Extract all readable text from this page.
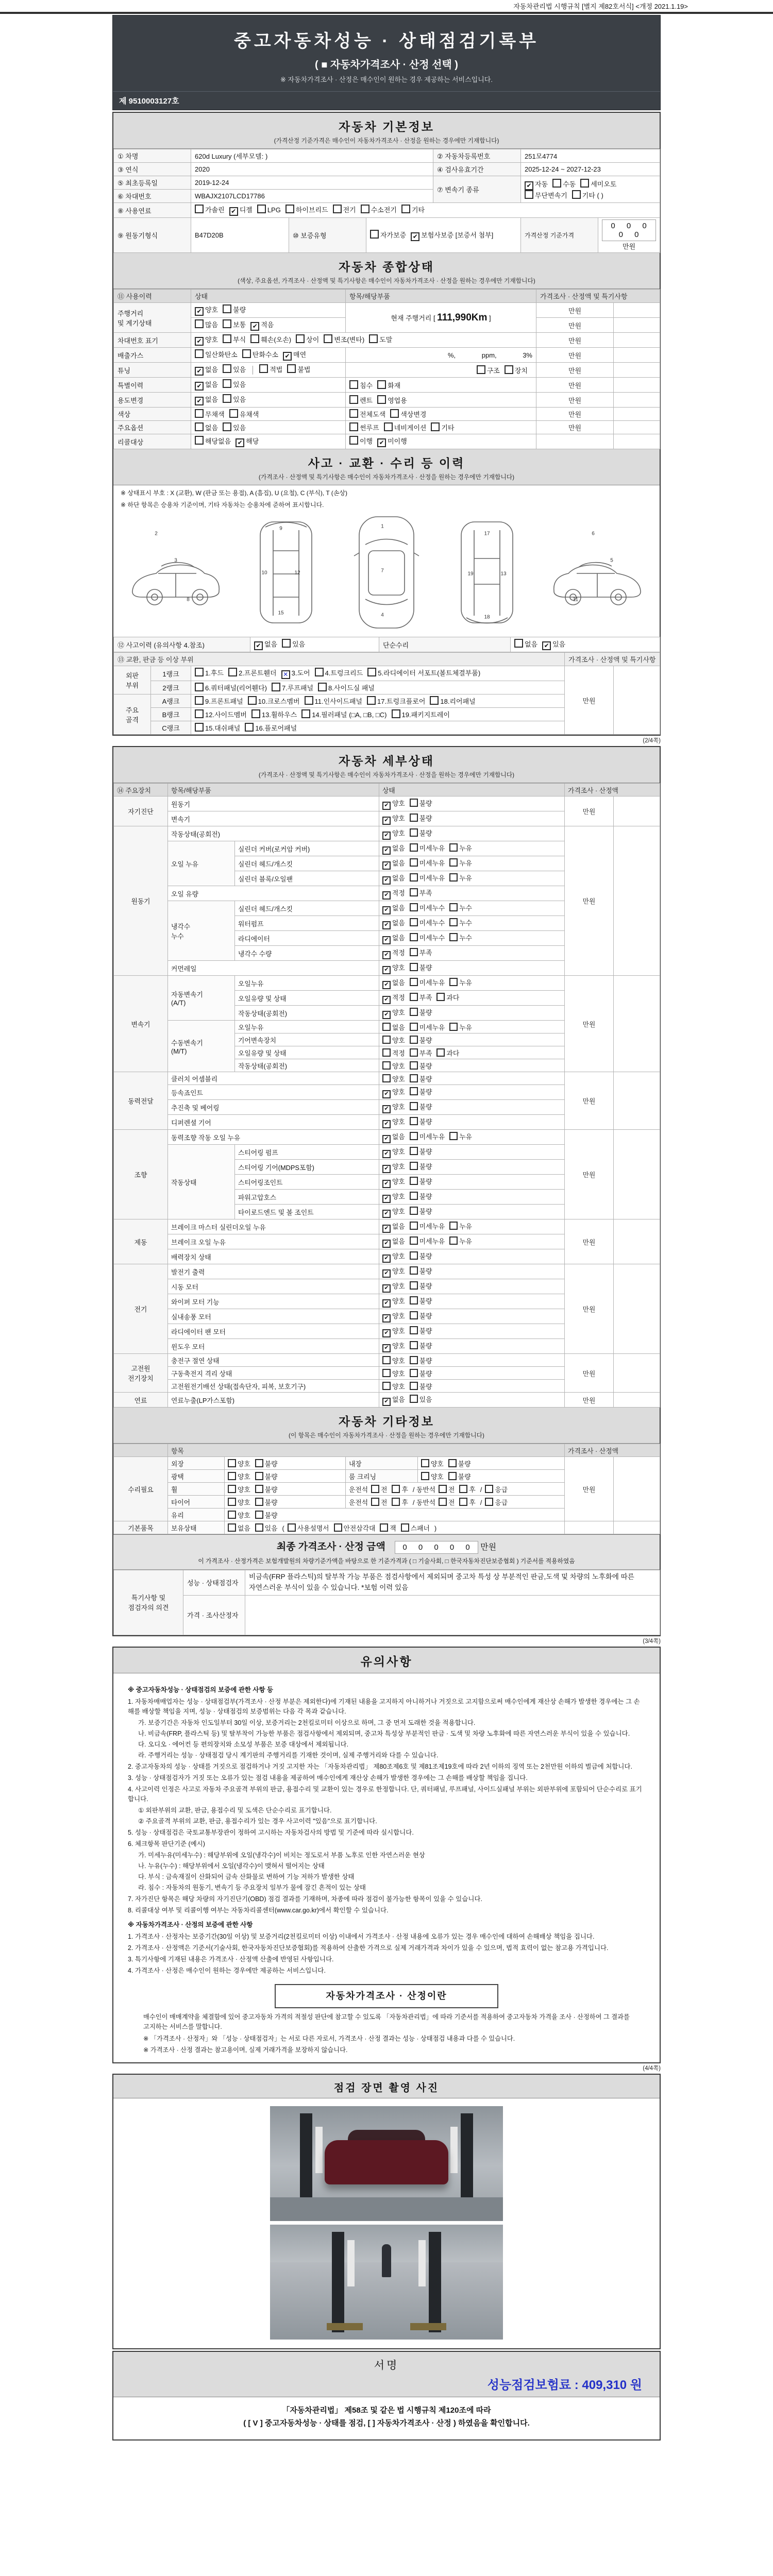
자동차관리법 시행규칙 [별지 제82호서식] <개정 2021.1.19>
중고자동차성능 · 상태점검기록부
( ■ 자동차가격조사 · 산정 선택 )
※ 자동차가격조사 · 산정은 매수인이 원하는 경우 제공하는 서비스입니다.
제 9510003127호
자동차 기본정보
(가격산정 기준가격은 매수인이 자동차가격조사 · 산정을 원하는 경우에만 기재합니다)
① 차명	620d Luxury (세부모델: )			② 자동차등록번호	251모4774	
③ 연식	2020			④ 검사유효기간	2025-12-24 ~ 2027-12-23	
⑤ 최초등록일	2019-12-24			⑦ 변속기 종류	✔자동 수동 세미오토무단변속기 기타 ( )
⑥ 차대번호	WBAJX2107LCD17786					
⑧ 사용연료	가솔린 ✔ 디젤 LPG 하이브리드 전기 수소전기 기타
⑨ 원동기형식	B47D20B	⑩ 보증유형	자가보증 ✔ 보험사보증 [보증서 첨부]		가격산정 기준가격	0 0 0 0 0 만원
자동차 종합상태
(색상, 주요옵션, 가격조사 · 산정액 및 특기사항은 매수인이 자동차가격조사 · 산정을 원하는 경우에만 기재합니다)
⑪ 사용이력	상태	항목/해당부품	가격조사 · 산정액 및 특기사항	
주행거리
및 계기상태	✔양호 불량	현재 주행거리 [ 111,990Km ]	만원	
	많음 보통 ✔ 적음		만원	
차대번호 표기	✔양호 부식 훼손(오손) 상이 변조(변타) 도말		만원	
배출가스	일산화탄소 탄화수소 ✔ 매연	%,              ppm,              3%	만원	
튜닝	✔없음 있음 적법 불법	구조 장치	만원	
특별이력	✔없음 있음	침수 화재	만원	
용도변경	✔없음 있음	렌트 영업용	만원	
색상	무채색 유채색	전체도색 색상변경	만원	
주요옵션	없음 있음	썬루프 네비게이션 기타	만원	
리콜대상	해당없음 ✔ 해당	이행 ✔ 미이행		
사고 · 교환 · 수리 등 이력
(가격조사 · 산정액 및 특기사항은 매수인이 자동차가격조사 · 산정을 원하는 경우에만 기재합니다)
※ 상태표시 부호 : X (교환), W (판금 또는 용접), A (흠집), U (요철), C (부식), T (손상)
※ 하단 항목은 승용차 기준이며, 기타 자동차는 승용차에 준하여 표시합니다.
1
7
4
2
3
8
9
10	12
15
17
18
19	13
6
5
11
⑫ 사고이력 (유의사항 4.참조)	✔없음 있음	단순수리	없음 ✔ 있음
⑬ 교환, 판금 등 이상 부위			가격조사 · 산정액 및 특기사항	
외판
부위	1랭크	1.후드 2.프론트휀더 ✕ 3.도어 4.트렁크리드 5.라디에이터 서포트(볼트체결부품)	만원	
	2랭크	6.쿼터패널(리어휀다) 7.루프패널 8.사이드실 패널		
주요
골격	A랭크	9.프론트패널 10.크로스멤버 11.인사이드패널 17.트렁크플로어 18.리어패널		
	B랭크	12.사이드멤버 13.휠하우스 14.필러패널 (□A, □B, □C) 19.패키지트레이		
	C랭크	15.대쉬패널 16.플로어패널		
(2/4쪽)
자동차 세부상태
(가격조사 · 산정액 및 특기사항은 매수인이 자동차가격조사 · 산정을 원하는 경우에만 기재합니다)
⑭ 주요장치	항목/해당부품		상태	가격조사 · 산정액	
자기진단	원동기	✔양호 불량	만원	
	변속기	✔양호 불량
원동기	작동상태(공회전)	✔양호 불량	만원	
	오일 누유	실린더 커버(로커암 커버)	✔없음 미세누유 누유
		실린더 헤드/개스킷	✔없음 미세누유 누유
		실린더 블록/오일팬	✔없음 미세누유 누유
	오일 유량	✔적정 부족
	냉각수
누수	실린더 헤드/개스킷	✔없음 미세누수 누수
		워터펌프	✔없음 미세누수 누수
		라디에이터	✔없음 미세누수 누수
		냉각수 수량	✔적정 부족
	커먼레일	✔양호 불량
변속기	자동변속기
(A/T)	오일누유	✔없음 미세누유 누유	만원	
		오일유량 및 상태	✔적정 부족 과다
		작동상태(공회전)	✔양호 불량
	수동변속기
(M/T)	오일누유	없음 미세누유 누유		
		기어변속장치	양호 불량		
		오일유량 및 상태	적정 부족 과다		
		작동상태(공회전)	양호 불량		
동력전달	클러치 어셈블리		양호 불량	만원	
	등속죠인트	✔양호 불량
	추진축 및 베어링	✔양호 불량
	디퍼렌셜 기어	✔양호 불량
조향	동력조향 작동 오일 누유	✔없음 미세누유 누유	만원	
	작동상태	스티어링 펌프	✔양호 불량
		스티어링 기어(MDPS포함)	✔양호 불량
		스티어링조인트	✔양호 불량
		파워고압호스	✔양호 불량
		타이로드엔드 및 볼 조인트	✔양호 불량
제동	브레이크 마스터 실린더오일 누유	✔없음 미세누유 누유	만원	
	브레이크 오일 누유	✔없음 미세누유 누유
	배력장치 상태	✔양호 불량
전기	발전기 출력	✔양호 불량	만원	
	시동 모터	✔양호 불량
	와이퍼 모터 기능	✔양호 불량
	실내송풍 모터	✔양호 불량
	라디에이터 팬 모터	✔양호 불량
	윈도우 모터	✔양호 불량
고전원
전기장치	충전구 절연 상태		양호 불량	만원	
	구동축전지 격리 상태		양호 불량		
	고전원전기배선 상태(접속단자, 피복, 보호기구)		양호 불량		
연료	연료누출(LP가스포함)	✔없음 있음	만원	
자동차 기타정보
(이 항목은 매수인이 자동차가격조사 · 산정을 원하는 경우에만 기재합니다)
	항목				가격조사 · 산정액	
수리필요	외장	양호 불량	내장	양호 불량	만원	
	광택	양호 불량	룸 크리닝	양호 불량		
	휠	양호 불량	운전석 전 후 / 동반석 전 후 / 응급			
	타이어	양호 불량	운전석 전 후 / 동반석 전 후 / 응급			
	유리	양호 불량				
기본품목	보유상태	없음 있음 ( 사용설명서 안전삼각대 잭 스패너 )				
최종 가격조사 · 산정 금액 0 0 0 0 0 만원
이 가격조사 · 산정가격은 보험개발원의 차량기준가액을 바탕으로 한 기준가격과 ( □ 기술사회, □ 한국자동차진단보증협회 ) 기준서를 적용하였음
특기사항 및 점검자의 의견	성능 · 상태점검자	비금속(FRP 플라스틱)의 탈부착 가능 부품은 점검사항에서 제외되며 중고차 특성 상 부분적인 판금,도색 및 차량의 노후화에 따른 자연스러운 부식이 있을 수 있습니다. *보험 이력 있음
	가격 · 조사산정자	
(3/4쪽)
유의사항
※ 중고자동차성능 · 상태점검의 보증에 관한 사항 등
1. 자동차매매업자는 성능 · 상태점검부(가격조사 · 산정 부분은 제외한다)에 기재된 내용을 고지하지 아니하거나 거짓으로 고지함으로써 매수인에게 재산상 손해가 발생한 경우에는 그 손해를 배상할 책임을 지며, 성능 · 상태점검의 보증범위는 다음 각 목과 같습니다.
가. 보증기간은 자동차 인도일부터 30일 이상, 보증거리는 2천킬로미터 이상으로 하며, 그 중 먼저 도래한 것을 적용합니다.
나. 비금속(FRP, 플라스틱 등) 및 탈부착이 가능한 부품은 점검사항에서 제외되며, 중고차 특성상 부분적인 판금 · 도색 및 차량 노후화에 따른 자연스러운 부식이 있을 수 있습니다.
다. 오디오 · 에어컨 등 편의장치와 소모성 부품은 보증 대상에서 제외됩니다.
라. 주행거리는 성능 · 상태점검 당시 계기판의 주행거리를 기재한 것이며, 실제 주행거리와 다를 수 있습니다.
2. 중고자동차의 성능 · 상태를 거짓으로 점검하거나 거짓 고지한 자는 「자동차관리법」 제80조제6호 및 제81조제19호에 따라 2년 이하의 징역 또는 2천만원 이하의 벌금에 처합니다.
3. 성능 · 상태점검자가 거짓 또는 오류가 있는 점검 내용을 제공하여 매수인에게 재산상 손해가 발생한 경우에는 그 손해를 배상할 책임을 집니다.
4. 사고이력 인정은 사고로 자동차 주요골격 부위의 판금, 용접수리 및 교환이 있는 경우로 한정합니다. 단, 쿼터패널, 루프패널, 사이드실패널 부위는 외판부위에 포함되어 단순수리로 표기합니다.
① 외판부위의 교환, 판금, 용접수리 및 도색은 단순수리로 표기합니다.
② 주요골격 부위의 교환, 판금, 용접수리가 있는 경우 사고이력 "있음"으로 표기합니다.
5. 성능 · 상태점검은 국토교통부장관이 정하여 고시하는 자동차검사의 방법 및 기준에 따라 실시합니다.
6. 체크항목 판단기준 (예시)
가. 미세누유(미세누수) : 해당부위에 오일(냉각수)이 비치는 정도로서 부품 노후로 인한 자연스러운 현상
나. 누유(누수) : 해당부위에서 오일(냉각수)이 맺혀서 떨어지는 상태
다. 부식 : 금속재질이 산화되어 금속 산화물로 변하여 기능 저하가 발생한 상태
라. 침수 : 자동차의 원동기, 변속기 등 주요장치 일부가 물에 잠긴 흔적이 있는 상태
7. 자가진단 항목은 해당 차량의 자기진단기(OBD) 점검 결과를 기재하며, 차종에 따라 점검이 불가능한 항목이 있을 수 있습니다.
8. 리콜대상 여부 및 리콜이행 여부는 자동차리콜센터(www.car.go.kr)에서 확인할 수 있습니다.
※ 자동차가격조사 · 산정의 보증에 관한 사항
1. 가격조사 · 산정자는 보증기간(30일 이상) 및 보증거리(2천킬로미터 이상) 이내에서 가격조사 · 산정 내용에 오류가 있는 경우 매수인에 대하여 손해배상 책임을 집니다.
2. 가격조사 · 산정액은 기준서(기술사회, 한국자동차진단보증협회)를 적용하여 산출한 가격으로 실제 거래가격과 차이가 있을 수 있으며, 법적 효력이 없는 참고용 가격입니다.
3. 특기사항에 기재된 내용은 가격조사 · 산정액 산출에 반영된 사항입니다.
4. 가격조사 · 산정은 매수인이 원하는 경우에만 제공하는 서비스입니다.
자동차가격조사 · 산정이란
매수인이 매매계약을 체결함에 있어 중고자동차 가격의 적절성 판단에 참고할 수 있도록 「자동차관리법」에 따라 기준서를 적용하여 중고자동차 가격을 조사 · 산정하여 그 결과를 고지하는 서비스를 말합니다.
※ 「가격조사 · 산정자」와 「성능 · 상태점검자」는 서로 다른 자로서, 가격조사 · 산정 결과는 성능 · 상태점검 내용과 다를 수 있습니다.
※ 가격조사 · 산정 결과는 참고용이며, 실제 거래가격을 보장하지 않습니다.
(4/4쪽)
점검 장면 촬영 사진
서명
성능점검보험료 : 409,310 원
「자동차관리법」 제58조 및 같은 법 시행규칙 제120조에 따라
( [ V ] 중고자동차성능 · 상태를 점검, [ ] 자동차가격조사 · 산정 ) 하였음을 확인합니다.
